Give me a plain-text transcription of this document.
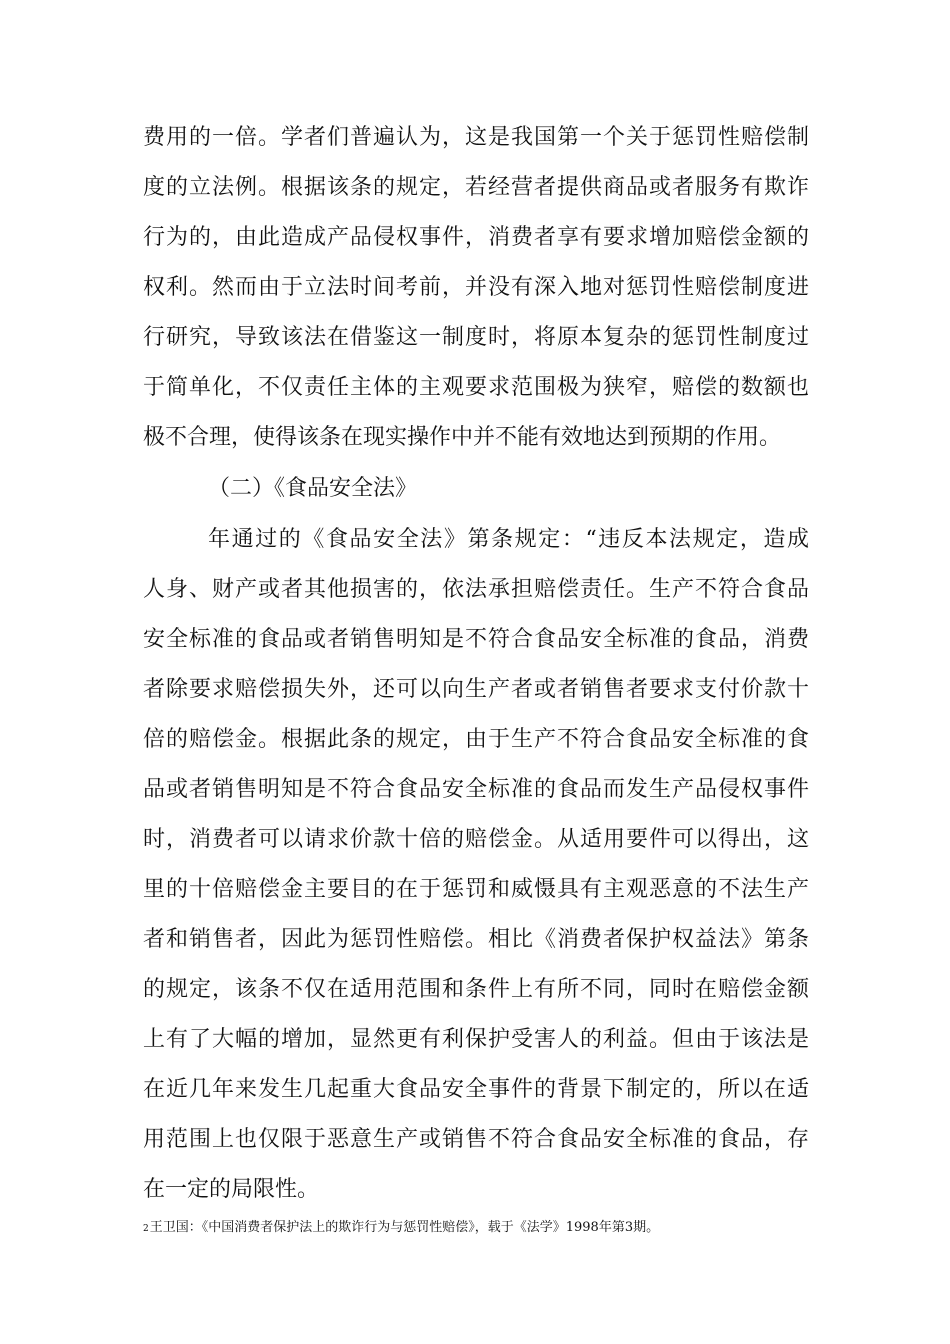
费用的一倍。学者们普遍认为，这是我国第一个关于惩罚性赔偿制
度的立法例。根据该条的规定，若经营者提供商品或者服务有欺诈
行为的，由此造成产品侵权事件，消费者享有要求增加赔偿金额的
权利。然而由于立法时间考前，并没有深入地对惩罚性赔偿制度进
行研究，导致该法在借鉴这一制度时，将原本复杂的惩罚性制度过
于简单化，不仅责任主体的主观要求范围极为狭窄，赔偿的数额也
极不合理，使得该条在现实操作中并不能有效地达到预期的作用。
（二）《食品安全法》
年通过的《食品安全法》第条规定：“违反本法规定，造成
人身、财产或者其他损害的，依法承担赔偿责任。生产不符合食品
安全标准的食品或者销售明知是不符合食品安全标准的食品，消费
者除要求赔偿损失外，还可以向生产者或者销售者要求支付价款十
倍的赔偿金。根据此条的规定，由于生产不符合食品安全标准的食
品或者销售明知是不符合食品安全标准的食品而发生产品侵权事件
时，消费者可以请求价款十倍的赔偿金。从适用要件可以得出，这
里的十倍赔偿金主要目的在于惩罚和威慑具有主观恶意的不法生产
者和销售者，因此为惩罚性赔偿。相比《消费者保护权益法》第条
的规定，该条不仅在适用范围和条件上有所不同，同时在赔偿金额
上有了大幅的增加，显然更有利保护受害人的利益。但由于该法是
在近几年来发生几起重大食品安全事件的背景下制定的，所以在适
用范围上也仅限于恶意生产或销售不符合食品安全标准的食品，存
在一定的局限性。
2王卫国：《中国消费者保护法上的欺诈行为与惩罚性赔偿》，载于《法学》1998年第3期。
